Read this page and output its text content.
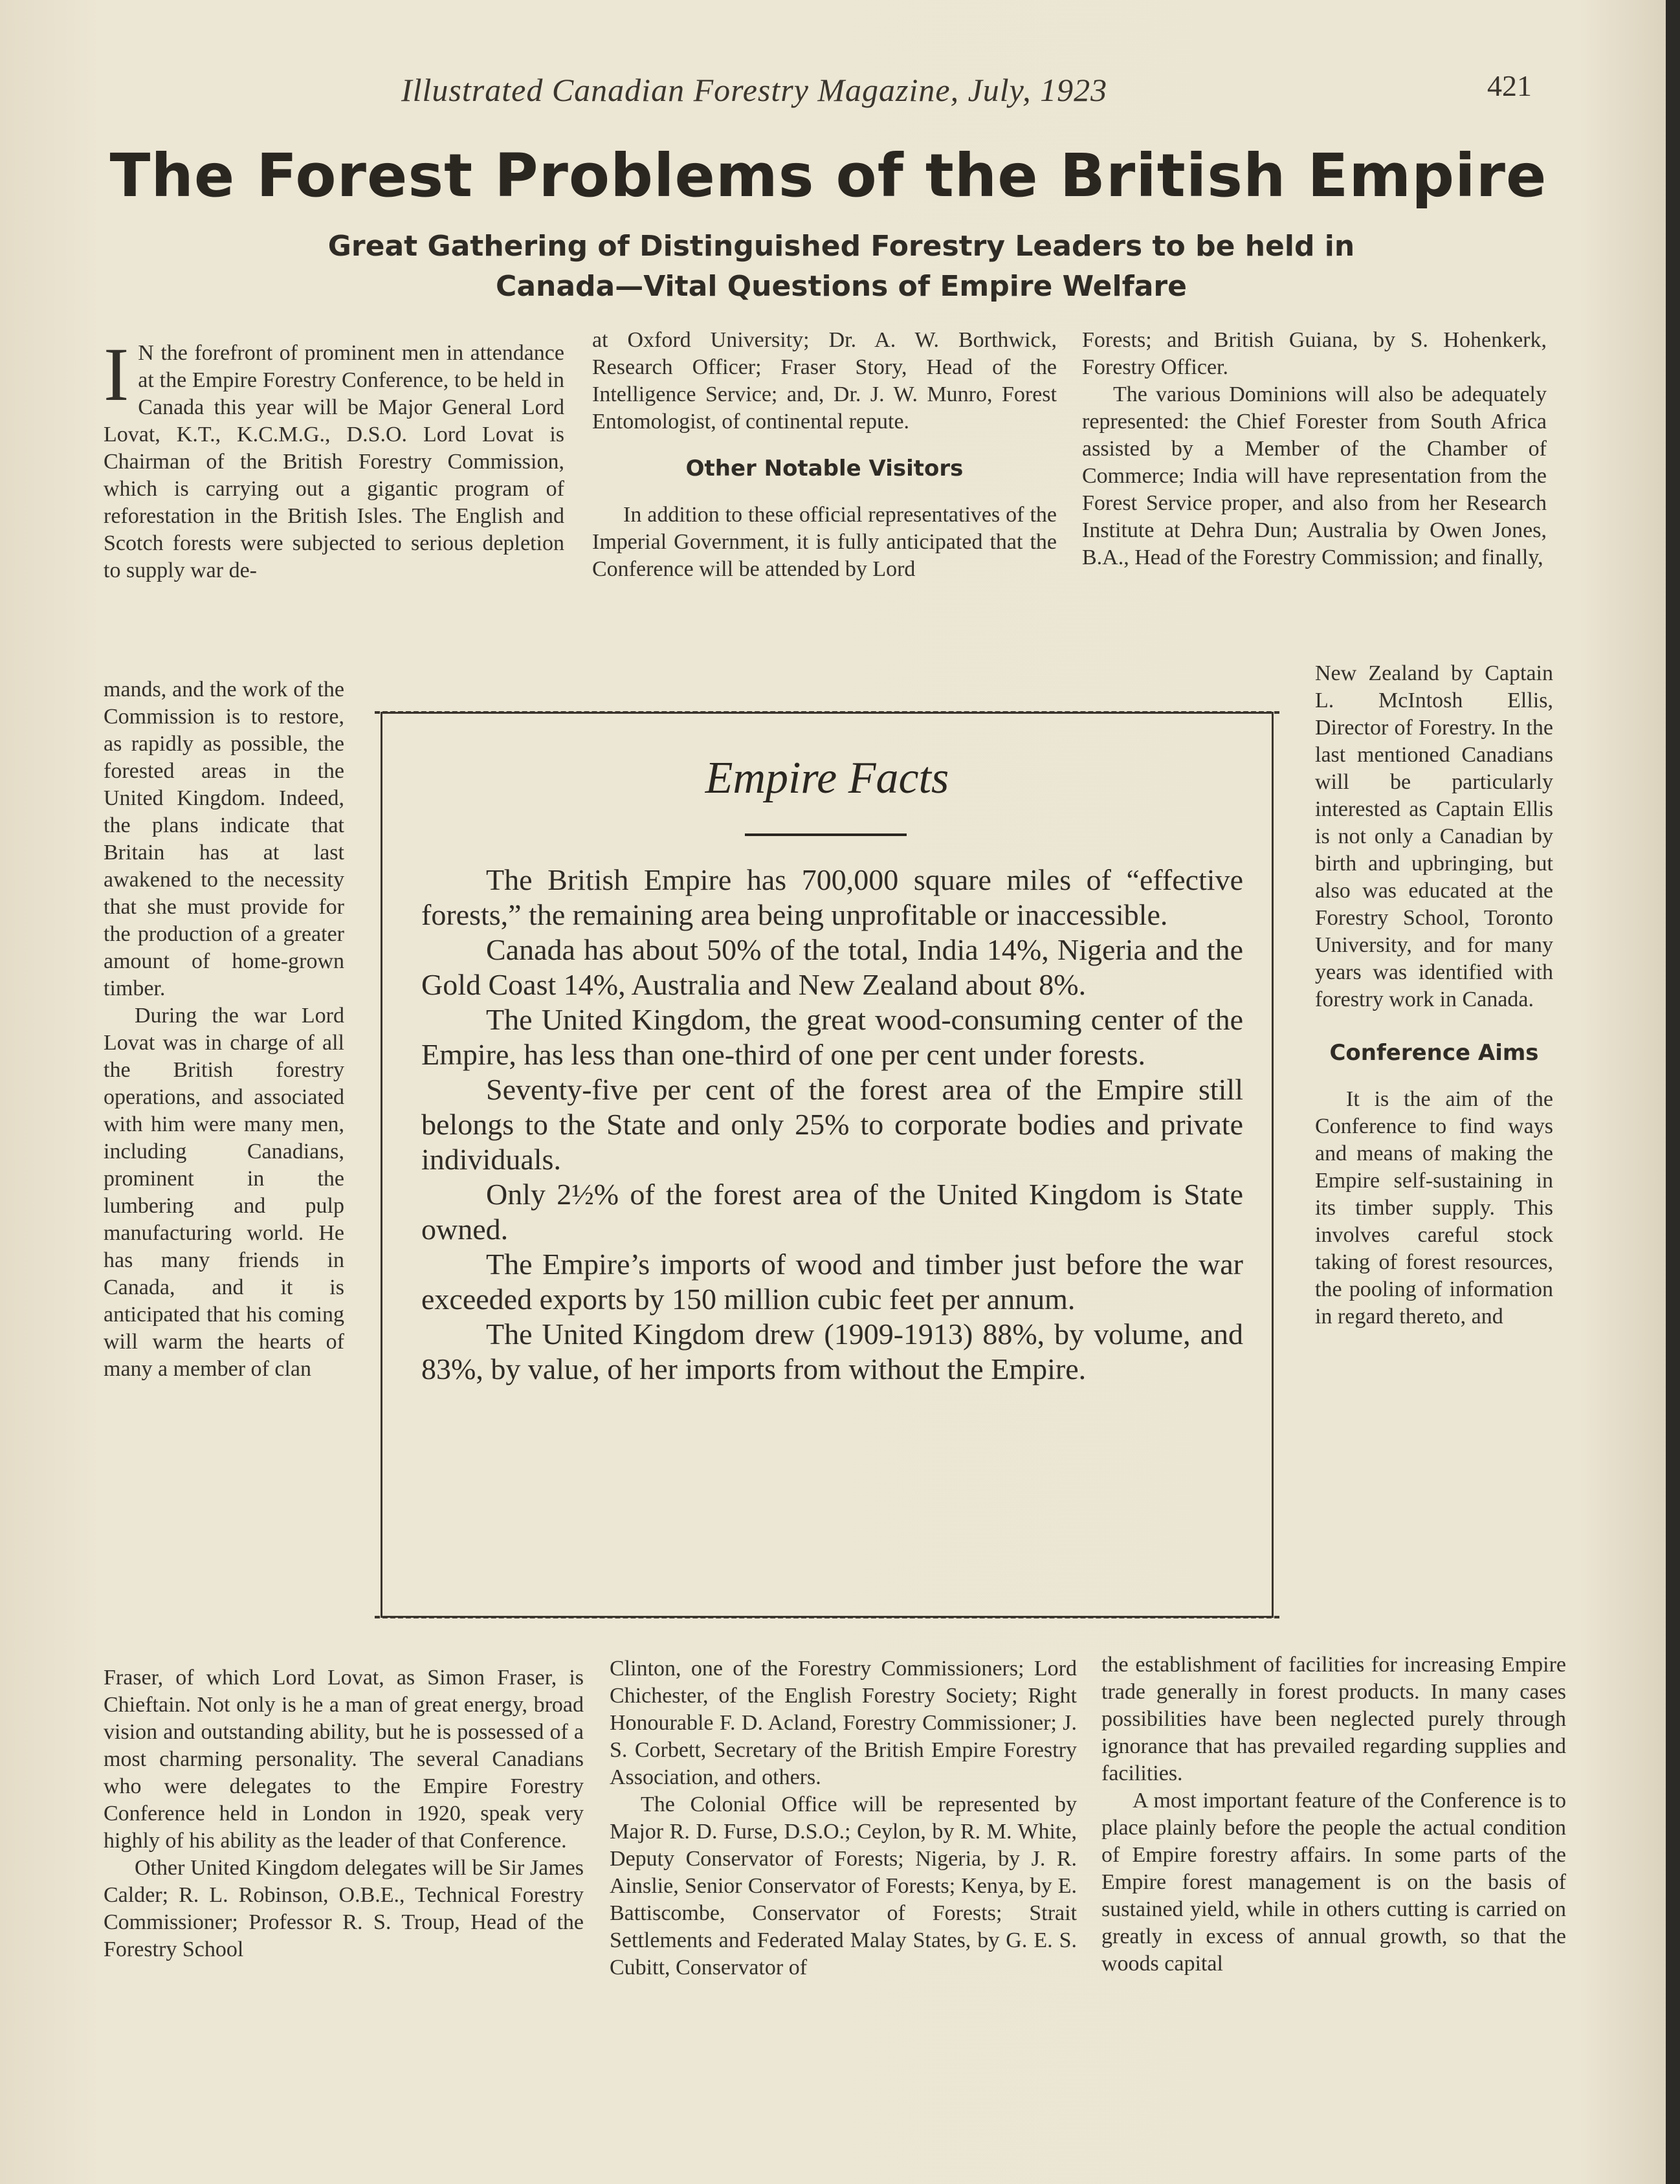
Illustrated Canadian Forestry Magazine, July, 1923	421
The Forest Problems of the British Empire
Great Gathering of Distinguished Forestry Leaders to be held in
Canada—Vital Questions of Empire Welfare

I N the forefront of prominent men in attendance at the Empire Forestry Conference, to be held in Canada this year will be Major General Lord Lovat, K.T., K.C.M.G., D.S.O. Lord Lovat is Chairman of the British Forestry Commission, which is carrying out a gigantic program of reforestation in the British Isles. The English and Scotch forests were subjected to serious depletion to supply war de-

mands, and the work of the Commission is to restore, as rapidly as possible, the forested areas in the United Kingdom. Indeed, the plans indicate that Britain has at last awakened to the necessity that she must provide for the production of a greater amount of home-grown timber.

During the war Lord Lovat was in charge of all the British forestry operations, and associated with him were many men, including Canadians, prominent in the lumbering and pulp manufacturing world. He has many friends in Canada, and it is anticipated that his coming will warm the hearts of many a member of clan

Fraser, of which Lord Lovat, as Simon Fraser, is Chieftain. Not only is he a man of great energy, broad vision and outstanding ability, but he is possessed of a most charming personality. The several Canadians who were delegates to the Empire Forestry Conference held in London in 1920, speak very highly of his ability as the leader of that Conference.

Other United Kingdom delegates will be Sir James Calder; R. L. Robinson, O.B.E., Technical Forestry Commissioner; Professor R. S. Troup, Head of the Forestry School

at Oxford University; Dr. A. W. Borthwick, Research Officer; Fraser Story, Head of the Intelligence Service; and, Dr. J. W. Munro, Forest Entomologist, of continental repute.

Other Notable Visitors

In addition to these official representatives of the Imperial Government, it is fully anticipated that the Conference will be attended by Lord

Clinton, one of the Forestry Commissioners; Lord Chichester, of the English Forestry Society; Right Honourable F. D. Acland, Forestry Commissioner; J. S. Corbett, Secretary of the British Empire Forestry Association, and others.

The Colonial Office will be represented by Major R. D. Furse, D.S.O.; Ceylon, by R. M. White, Deputy Conservator of Forests; Nigeria, by J. R. Ainslie, Senior Conservator of Forests; Kenya, by E. Battiscombe, Conservator of Forests; Strait Settlements and Federated Malay States, by G. E. S. Cubitt, Conservator of

Forests; and British Guiana, by S. Hohenkerk, Forestry Officer.

The various Dominions will also be adequately represented: the Chief Forester from South Africa assisted by a Member of the Chamber of Commerce; India will have representation from the Forest Service proper, and also from her Research Institute at Dehra Dun; Australia by Owen Jones, B.A., Head of the Forestry Commission; and finally,

New Zealand by Captain L. McIntosh Ellis, Director of Forestry. In the last mentioned Canadians will be particularly interested as Captain Ellis is not only a Canadian by birth and upbringing, but also was educated at the Forestry School, Toronto University, and for many years was identified with forestry work in Canada.

Conference Aims

It is the aim of the Conference to find ways and means of making the Empire self-sustaining in its timber supply. This involves careful stock taking of forest resources, the pooling of information in regard thereto, and

the establishment of facilities for increasing Empire trade generally in forest products. In many cases possibilities have been neglected purely through ignorance that has prevailed regarding supplies and facilities.

A most important feature of the Conference is to place plainly before the people the actual condition of Empire forestry affairs. In some parts of the Empire forest management is on the basis of sustained yield, while in others cutting is carried on greatly in excess of annual growth, so that the woods capital

Empire Facts

The British Empire has 700,000 square miles of “effective forests,” the remaining area being unprofitable or inaccessible.

Canada has about 50% of the total, India 14%, Nigeria and the Gold Coast 14%, Australia and New Zealand about 8%.

The United Kingdom, the great wood-consuming center of the Empire, has less than one-third of one per cent under forests.

Seventy-five per cent of the forest area of the Empire still belongs to the State and only 25% to corporate bodies and private individuals.

Only 2½% of the forest area of the United Kingdom is State owned.

The Empire’s imports of wood and timber just before the war exceeded exports by 150 million cubic feet per annum.

The United Kingdom drew (1909-1913) 88%, by volume, and 83%, by value, of her imports from without the Empire.
